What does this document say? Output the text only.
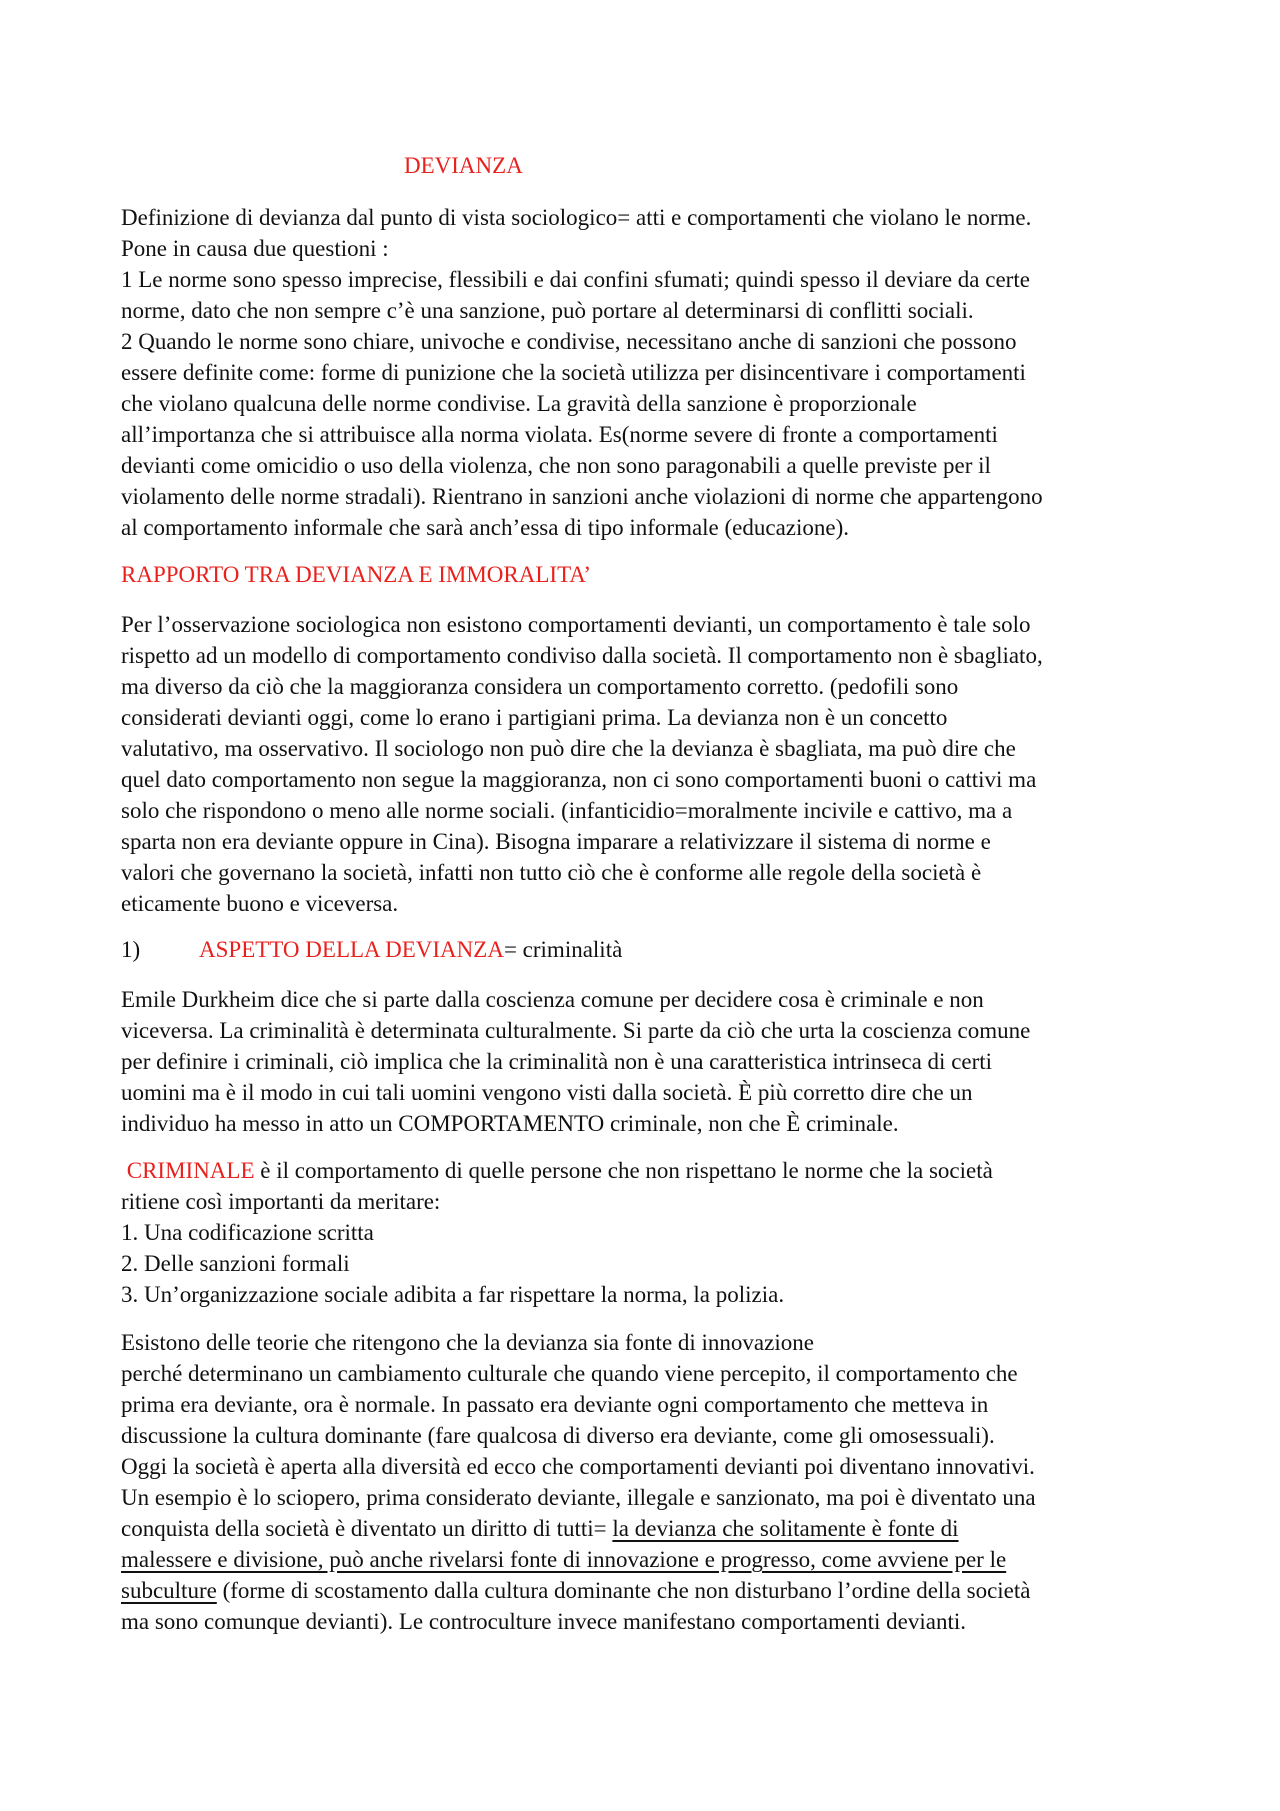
DEVIANZA
Definizione di devianza dal punto di vista sociologico= atti e comportamenti che violano le norme.
Pone in causa due questioni :
1 Le norme sono spesso imprecise, flessibili e dai confini sfumati; quindi spesso il deviare da certe
norme, dato che non sempre c’è una sanzione, può portare al determinarsi di conflitti sociali.
2 Quando le norme sono chiare, univoche e condivise, necessitano anche di sanzioni che possono
essere definite come: forme di punizione che la società utilizza per disincentivare i comportamenti
che violano qualcuna delle norme condivise. La gravità della sanzione è proporzionale
all’importanza che si attribuisce alla norma violata. Es(norme severe di fronte a comportamenti
devianti come omicidio o uso della violenza, che non sono paragonabili a quelle previste per il
violamento delle norme stradali). Rientrano in sanzioni anche violazioni di norme che appartengono
al comportamento informale che sarà anch’essa di tipo informale (educazione).
RAPPORTO TRA DEVIANZA E IMMORALITA’
Per l’osservazione sociologica non esistono comportamenti devianti, un comportamento è tale solo
rispetto ad un modello di comportamento condiviso dalla società. Il comportamento non è sbagliato,
ma diverso da ciò che la maggioranza considera un comportamento corretto. (pedofili sono
considerati devianti oggi, come lo erano i partigiani prima. La devianza non è un concetto
valutativo, ma osservativo. Il sociologo non può dire che la devianza è sbagliata, ma può dire che
quel dato comportamento non segue la maggioranza, non ci sono comportamenti buoni o cattivi ma
solo che rispondono o meno alle norme sociali. (infanticidio=moralmente incivile e cattivo, ma a
sparta non era deviante oppure in Cina). Bisogna imparare a relativizzare il sistema di norme e
valori che governano la società, infatti non tutto ciò che è conforme alle regole della società è
eticamente buono e viceversa.
1)	ASPETTO DELLA DEVIANZA= criminalità
Emile Durkheim dice che si parte dalla coscienza comune per decidere cosa è criminale e non
viceversa. La criminalità è determinata culturalmente. Si parte da ciò che urta la coscienza comune
per definire i criminali, ciò implica che la criminalità non è una caratteristica intrinseca di certi
uomini ma è il modo in cui tali uomini vengono visti dalla società. È più corretto dire che un
individuo ha messo in atto un COMPORTAMENTO criminale, non che È criminale.
CRIMINALE è il comportamento di quelle persone che non rispettano le norme che la società
ritiene così importanti da meritare:
1. Una codificazione scritta
2. Delle sanzioni formali
3. Un’organizzazione sociale adibita a far rispettare la norma, la polizia.
Esistono delle teorie che ritengono che la devianza sia fonte di innovazione
perché determinano un cambiamento culturale che quando viene percepito, il comportamento che
prima era deviante, ora è normale. In passato era deviante ogni comportamento che metteva in
discussione la cultura dominante (fare qualcosa di diverso era deviante, come gli omosessuali).
Oggi la società è aperta alla diversità ed ecco che comportamenti devianti poi diventano innovativi.
Un esempio è lo sciopero, prima considerato deviante, illegale e sanzionato, ma poi è diventato una
conquista della società è diventato un diritto di tutti= la devianza che solitamente è fonte di
malessere e divisione, può anche rivelarsi fonte di innovazione e progresso, come avviene per le
subculture (forme di scostamento dalla cultura dominante che non disturbano l’ordine della società
ma sono comunque devianti). Le controculture invece manifestano comportamenti devianti.
